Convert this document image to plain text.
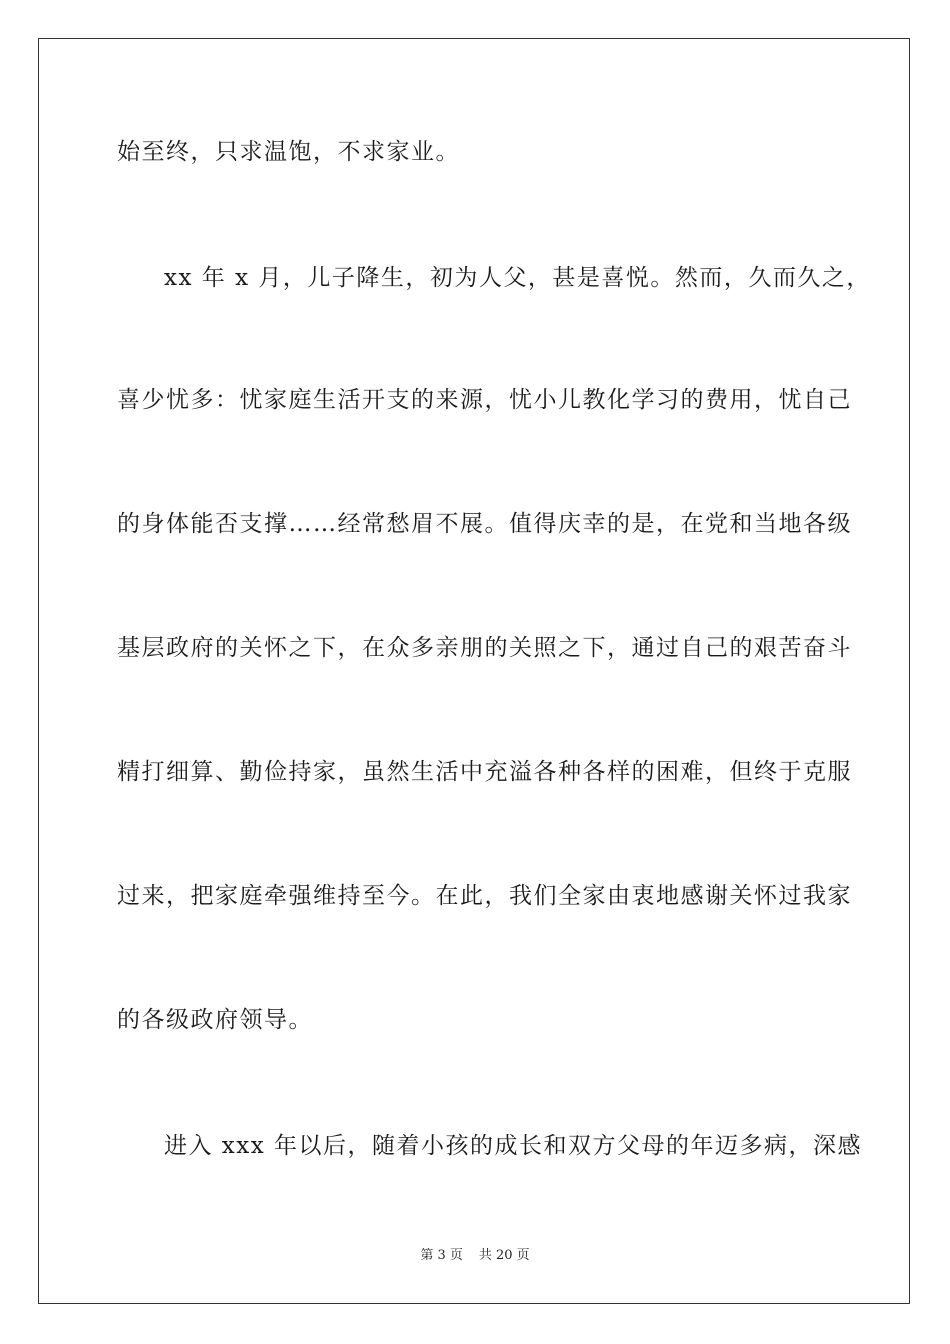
始至终，只求温饱，不求家业。
xx 年 x 月，儿子降生，初为人父，甚是喜悦。然而，久而久之，
喜少忧多：忧家庭生活开支的来源，忧小儿教化学习的费用，忧自己
的身体能否支撑……经常愁眉不展。值得庆幸的是，在党和当地各级
基层政府的关怀之下，在众多亲朋的关照之下，通过自己的艰苦奋斗
精打细算、勤俭持家，虽然生活中充溢各种各样的困难，但终于克服
过来，把家庭牵强维持至今。在此，我们全家由衷地感谢关怀过我家
的各级政府领导。
进入 xxx 年以后，随着小孩的成长和双方父母的年迈多病，深感
第 3 页 共 20 页
